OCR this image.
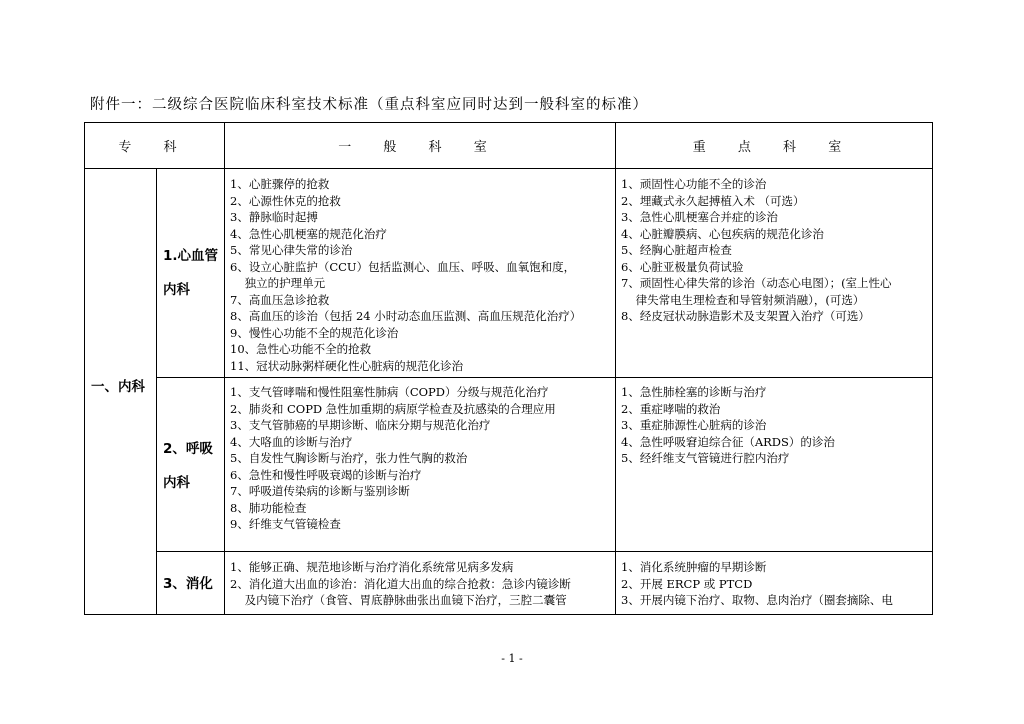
附件一：二级综合医院临床科室技术标准（重点科室应同时达到一般科室的标准）
专 科	一 般 科 室	重 点 科 室
一、内科
1.心血管
内科
1、心脏骤停的抢救
2、心源性休克的抢救
3、静脉临时起搏
4、急性心肌梗塞的规范化治疗
5、常见心律失常的诊治
6、设立心脏监护（CCU）包括监测心、血压、呼吸、血氧饱和度，
独立的护理单元
7、高血压急诊抢救
8、高血压的诊治（包括 24 小时动态血压监测、高血压规范化治疗）
9、慢性心功能不全的规范化诊治
10、急性心功能不全的抢救
11、冠状动脉粥样硬化性心脏病的规范化诊治
1、顽固性心功能不全的诊治
2、埋藏式永久起搏植入术 （可选）
3、急性心肌梗塞合并症的诊治
4、心脏瓣膜病、心包疾病的规范化诊治
5、经胸心脏超声检查
6、心脏亚极量负荷试验
7、顽固性心律失常的诊治（动态心电图）；(室上性心
律失常电生理检查和导管射频消融），(可选）
8、经皮冠状动脉造影术及支架置入治疗（可选）
2、呼吸
内科
1、支气管哮喘和慢性阻塞性肺病（COPD）分级与规范化治疗
2、肺炎和 COPD 急性加重期的病原学检查及抗感染的合理应用
3、支气管肺癌的早期诊断、临床分期与规范化治疗
4、大咯血的诊断与治疗
5、自发性气胸诊断与治疗，张力性气胸的救治
6、急性和慢性呼吸衰竭的诊断与治疗
7、呼吸道传染病的诊断与鉴别诊断
8、肺功能检查
9、纤维支气管镜检查
1、急性肺栓塞的诊断与治疗
2、重症哮喘的救治
3、重症肺源性心脏病的诊治
4、急性呼吸窘迫综合征（ARDS）的诊治
5、经纤维支气管镜进行腔内治疗
3、消化
1、能够正确、规范地诊断与治疗消化系统常见病多发病
2、消化道大出血的诊治：消化道大出血的综合抢救：急诊内镜诊断
及内镜下治疗（食管、胃底静脉曲张出血镜下治疗，三腔二囊管
1、消化系统肿瘤的早期诊断
2、开展 ERCP 或 PTCD
3、开展内镜下治疗、取物、息肉治疗（圈套摘除、电
- 1 -
